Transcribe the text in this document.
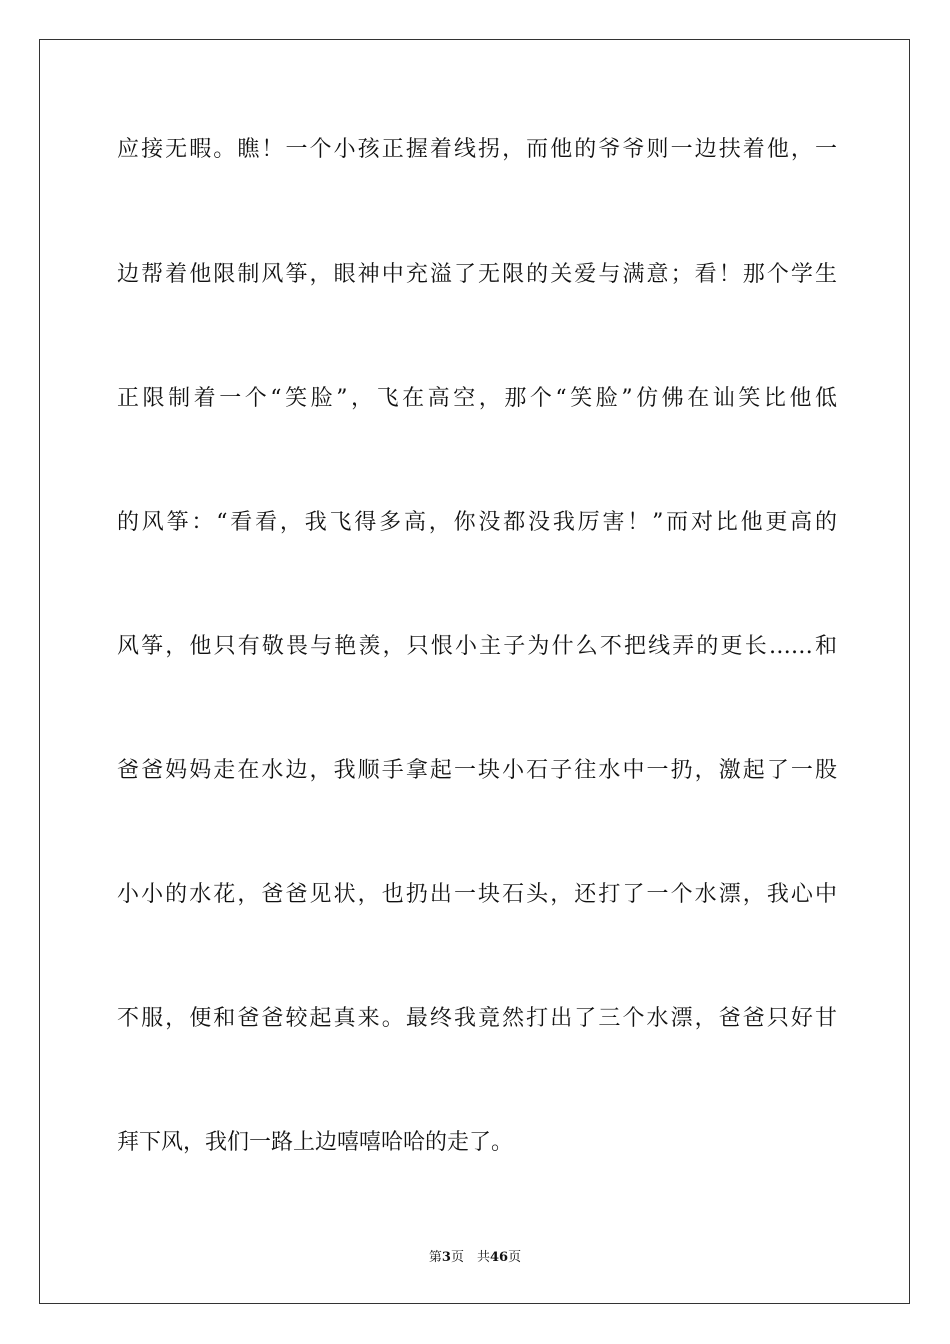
应接无暇。瞧！一个小孩正握着线拐，而他的爷爷则一边扶着他，一
边帮着他限制风筝，眼神中充溢了无限的关爱与满意；看！那个学生
正限制着一个“笑脸”，飞在高空，那个“笑脸”仿佛在讪笑比他低
的风筝：“看看，我飞得多高，你没都没我厉害！”而对比他更高的
风筝，他只有敬畏与艳羡，只恨小主子为什么不把线弄的更长……和
爸爸妈妈走在水边，我顺手拿起一块小石子往水中一扔，激起了一股
小小的水花，爸爸见状，也扔出一块石头，还打了一个水漂，我心中
不服，便和爸爸较起真来。最终我竟然打出了三个水漂，爸爸只好甘
拜下风，我们一路上边嘻嘻哈哈的走了。
第3页　共46页
